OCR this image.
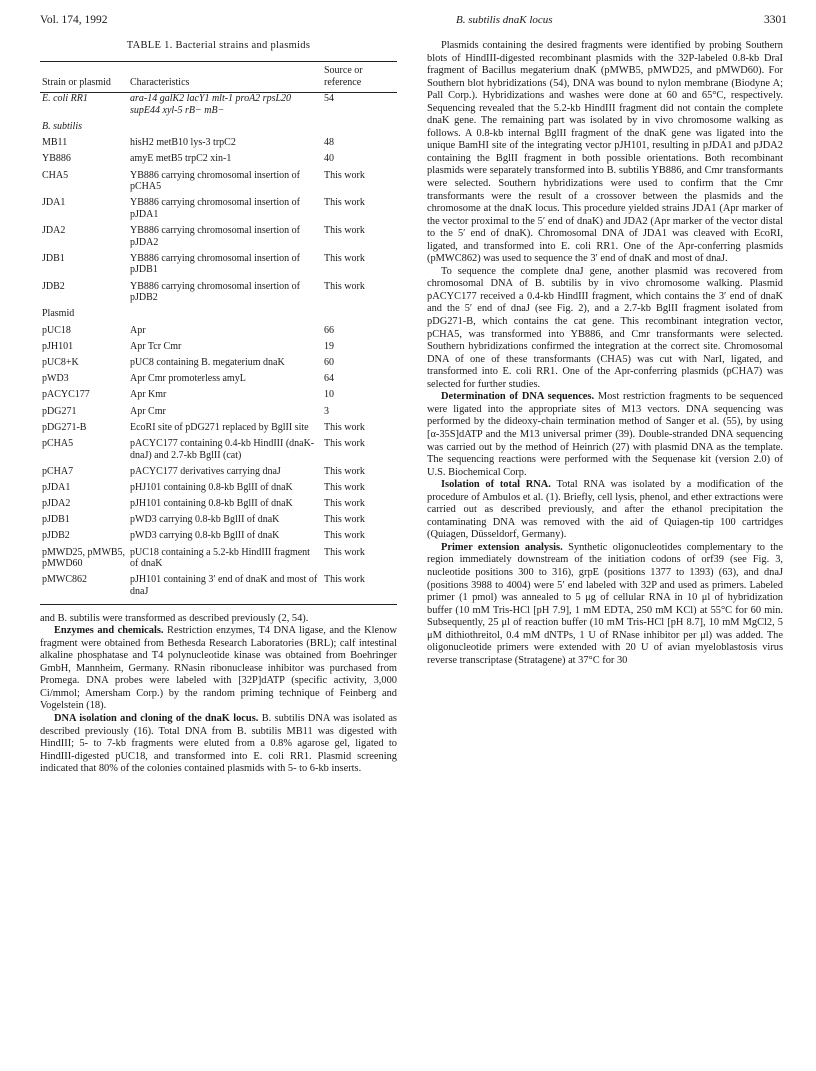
Vol. 174, 1992	B. subtilis dnaK locus	3301
TABLE 1. Bacterial strains and plasmids
Strain or plasmid	Characteristics	Source or reference
E. coli RR1	ara-14 galK2 lacY1 mlt-1 proA2 rpsL20 supE44 xyl-5 rB− mB−	54
B. subtilis		
MB11	hisH2 metB10 lys-3 trpC2	48
YB886	amyE metB5 trpC2 xin-1	40
CHA5	YB886 carrying chromosomal insertion of pCHA5	This work
JDA1	YB886 carrying chromosomal insertion of pJDA1	This work
JDA2	YB886 carrying chromosomal insertion of pJDA2	This work
JDB1	YB886 carrying chromosomal insertion of pJDB1	This work
JDB2	YB886 carrying chromosomal insertion of pJDB2	This work
Plasmid		
pUC18	Apr	66
pJH101	Apr Tcr Cmr	19
pUC8+K	pUC8 containing B. megaterium dnaK	60
pWD3	Apr Cmr promoterless amyL	64
pACYC177	Apr Kmr	10
pDG271	Apr Cmr	3
pDG271-B	EcoRI site of pDG271 replaced by BglII site	This work
pCHA5	pACYC177 containing 0.4-kb HindIII (dnaK-dnaJ) and 2.7-kb BglII (cat)	This work
pCHA7	pACYC177 derivatives carrying dnaJ	This work
pJDA1	pHJ101 containing 0.8-kb BglII of dnaK	This work
pJDA2	pJH101 containing 0.8-kb BglII of dnaK	This work
pJDB1	pWD3 carrying 0.8-kb BglII of dnaK	This work
pJDB2	pWD3 carrying 0.8-kb BglII of dnaK	This work
pMWD25, pMWB5, pMWD60	pUC18 containing a 5.2-kb HindIII fragment of dnaK	This work
pMWC862	pJH101 containing 3′ end of dnaK and most of dnaJ	This work

and B. subtilis were transformed as described previously (2, 54).

Enzymes and chemicals. Restriction enzymes, T4 DNA ligase, and the Klenow fragment were obtained from Bethesda Research Laboratories (BRL); calf intestinal alkaline phosphatase and T4 polynucleotide kinase was obtained from Boehringer GmbH, Mannheim, Germany. RNasin ribonuclease inhibitor was purchased from Promega. DNA probes were labeled with [32P]dATP (specific activity, 3,000 Ci/mmol; Amersham Corp.) by the random priming technique of Feinberg and Vogelstein (18).

DNA isolation and cloning of the dnaK locus. B. subtilis DNA was isolated as described previously (16). Total DNA from B. subtilis MB11 was digested with HindIII; 5- to 7-kb fragments were eluted from a 0.8% agarose gel, ligated to HindIII-digested pUC18, and transformed into E. coli RR1. Plasmid screening indicated that 80% of the colonies contained plasmids with 5- to 6-kb inserts.

Plasmids containing the desired fragments were identified by probing Southern blots of HindIII-digested recombinant plasmids with the 32P-labeled 0.8-kb DraI fragment of Bacillus megaterium dnaK (pMWB5, pMWD25, and pMWD60). For Southern blot hybridizations (54), DNA was bound to nylon membrane (Biodyne A; Pall Corp.). Hybridizations and washes were done at 60 and 65°C, respectively. Sequencing revealed that the 5.2-kb HindIII fragment did not contain the complete dnaK gene. The remaining part was isolated by in vivo chromosome walking as follows. A 0.8-kb internal BglII fragment of the dnaK gene was ligated into the unique BamHI site of the integrating vector pJH101, resulting in pJDA1 and pJDA2 containing the BglII fragment in both possible orientations. Both recombinant plasmids were separately transformed into B. subtilis YB886, and Cmr transformants were selected. Southern hybridizations were used to confirm that the Cmr transformants were the result of a crossover between the plasmids and the chromosome at the dnaK locus. This procedure yielded strains JDA1 (Apr marker of the vector proximal to the 5′ end of dnaK) and JDA2 (Apr marker of the vector distal to the 5′ end of dnaK). Chromosomal DNA of JDA1 was cleaved with EcoRI, ligated, and transformed into E. coli RR1. One of the Apr-conferring plasmids (pMWC862) was used to sequence the 3′ end of dnaK and most of dnaJ.

To sequence the complete dnaJ gene, another plasmid was recovered from chromosomal DNA of B. subtilis by in vivo chromosome walking. Plasmid pACYC177 received a 0.4-kb HindIII fragment, which contains the 3′ end of dnaK and the 5′ end of dnaJ (see Fig. 2), and a 2.7-kb BglII fragment isolated from pDG271-B, which contains the cat gene. This recombinant integration vector, pCHA5, was transformed into YB886, and Cmr transformants were selected. Southern hybridizations confirmed the integration at the correct site. Chromosomal DNA of one of these transformants (CHA5) was cut with NarI, ligated, and transformed into E. coli RR1. One of the Apr-conferring plasmids (pCHA7) was selected for further studies.

Determination of DNA sequences. Most restriction fragments to be sequenced were ligated into the appropriate sites of M13 vectors. DNA sequencing was performed by the dideoxy-chain termination method of Sanger et al. (55), by using [α-35S]dATP and the M13 universal primer (39). Double-stranded DNA sequencing was carried out by the method of Heinrich (27) with plasmid DNA as the template. The sequencing reactions were performed with the Sequenase kit (version 2.0) of U.S. Biochemical Corp.

Isolation of total RNA. Total RNA was isolated by a modification of the procedure of Ambulos et al. (1). Briefly, cell lysis, phenol, and ether extractions were carried out as described previously, and after the ethanol precipitation the contaminating DNA was removed with the aid of Quiagen-tip 100 cartridges (Quiagen, Düsseldorf, Germany).

Primer extension analysis. Synthetic oligonucleotides complementary to the region immediately downstream of the initiation codons of orf39 (see Fig. 3, nucleotide positions 300 to 316), grpE (positions 1377 to 1393) (63), and dnaJ (positions 3988 to 4004) were 5′ end labeled with 32P and used as primers. Labeled primer (1 pmol) was annealed to 5 μg of cellular RNA in 10 μl of hybridization buffer (10 mM Tris-HCl [pH 7.9], 1 mM EDTA, 250 mM KCl) at 55°C for 60 min. Subsequently, 25 μl of reaction buffer (10 mM Tris-HCl [pH 8.7], 10 mM MgCl2, 5 μM dithiothreitol, 0.4 mM dNTPs, 1 U of RNase inhibitor per μl) was added. The oligonucleotide primers were extended with 20 U of avian myeloblastosis virus reverse transcriptase (Stratagene) at 37°C for 30
